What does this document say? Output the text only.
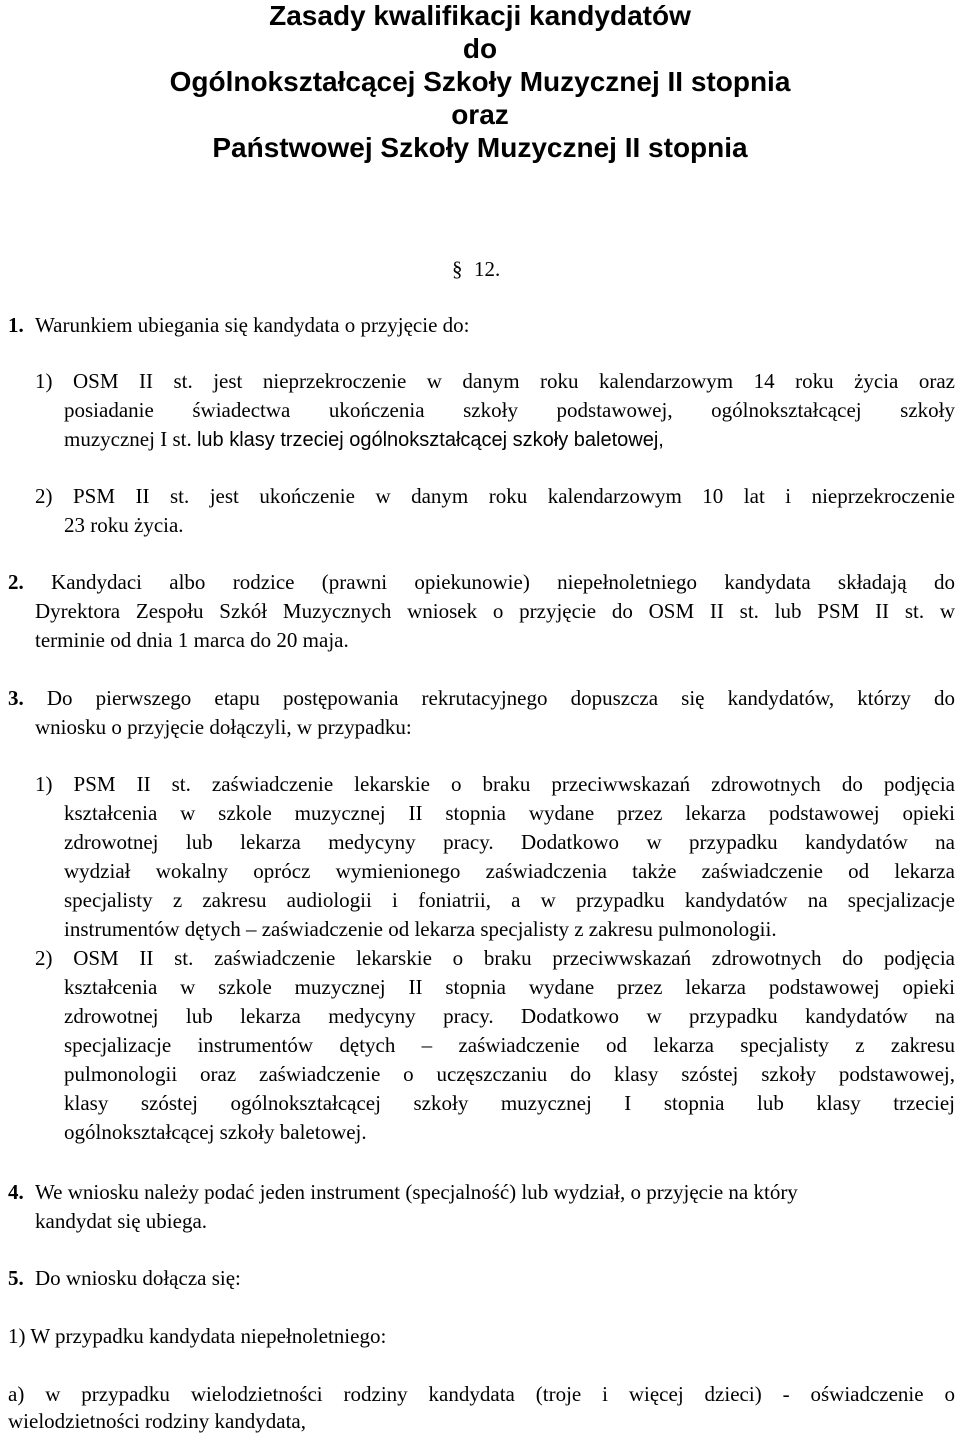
Zasady kwalifikacji kandydatów
do
Ogólnokształcącej Szkoły Muzycznej II stopnia
oraz
Państwowej Szkoły Muzycznej II stopnia
§ 12.
1. Warunkiem ubiegania się kandydata o przyjęcie do:
1) OSM II st. jest nieprzekroczenie w danym roku kalendarzowym 14 roku życia oraz
posiadanie świadectwa ukończenia szkoły podstawowej, ogólnokształcącej szkoły
muzycznej I st. lub klasy trzeciej ogólnokształcącej szkoły baletowej,
2) PSM II st. jest ukończenie w danym roku kalendarzowym 10 lat i nieprzekroczenie
23 roku życia.
2. Kandydaci albo rodzice (prawni opiekunowie) niepełnoletniego kandydata składają do
Dyrektora Zespołu Szkół Muzycznych wniosek o przyjęcie do OSM II st. lub PSM II st. w
terminie od dnia 1 marca do 20 maja.
3. Do pierwszego etapu postępowania rekrutacyjnego dopuszcza się kandydatów, którzy do
wniosku o przyjęcie dołączyli, w przypadku:
1) PSM II st. zaświadczenie lekarskie o braku przeciwwskazań zdrowotnych do podjęcia
kształcenia w szkole muzycznej II stopnia wydane przez lekarza podstawowej opieki
zdrowotnej lub lekarza medycyny pracy. Dodatkowo w przypadku kandydatów na
wydział wokalny oprócz wymienionego zaświadczenia także zaświadczenie od lekarza
specjalisty z zakresu audiologii i foniatrii, a w przypadku kandydatów na specjalizacje
instrumentów dętych – zaświadczenie od lekarza specjalisty z zakresu pulmonologii.
2) OSM II st. zaświadczenie lekarskie o braku przeciwwskazań zdrowotnych do podjęcia
kształcenia w szkole muzycznej II stopnia wydane przez lekarza podstawowej opieki
zdrowotnej lub lekarza medycyny pracy. Dodatkowo w przypadku kandydatów na
specjalizacje instrumentów dętych – zaświadczenie od lekarza specjalisty z zakresu
pulmonologii oraz zaświadczenie o uczęszczaniu do klasy szóstej szkoły podstawowej,
klasy szóstej ogólnokształcącej szkoły muzycznej I stopnia lub klasy trzeciej
ogólnokształcącej szkoły baletowej.
4. We wniosku należy podać jeden instrument (specjalność) lub wydział, o przyjęcie na który
kandydat się ubiega.
5. Do wniosku dołącza się:
1) W przypadku kandydata niepełnoletniego:
a) w przypadku wielodzietności rodziny kandydata (troje i więcej dzieci) - oświadczenie o
wielodzietności rodziny kandydata,
